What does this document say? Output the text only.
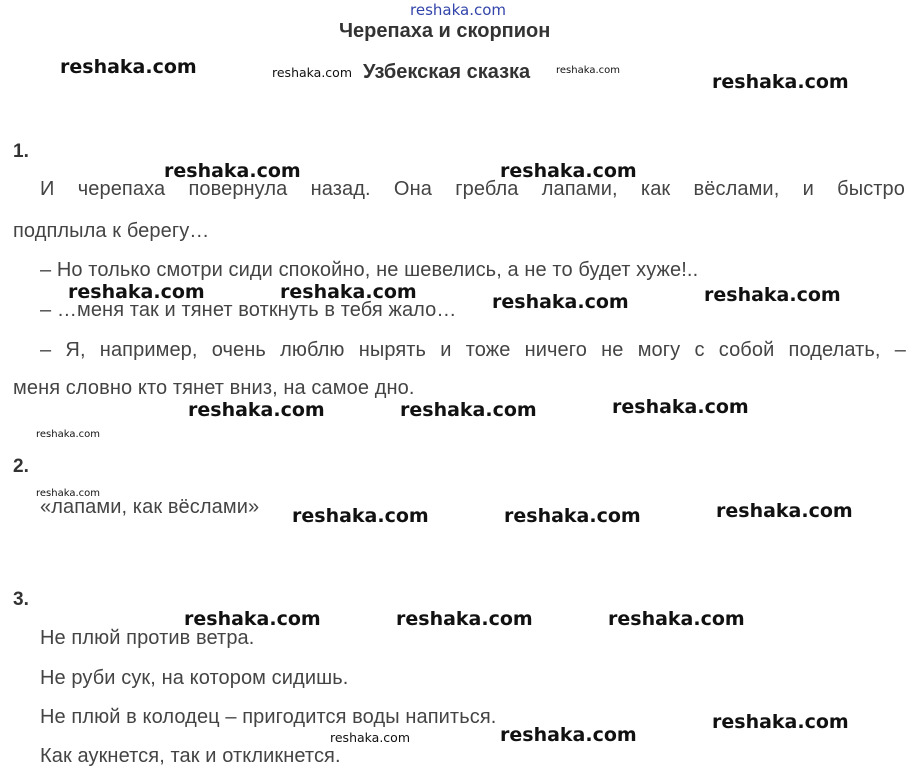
reshaka.com
Черепаха и скорпион
Узбекская сказка
1.
И черепаха повернула назад. Она гребла лапами, как вёслами, и быстро
подплыла к берегу…
– Но только смотри сиди спокойно, не шевелись, а не то будет хуже!..
– …меня так и тянет воткнуть в тебя жало…
– Я, например, очень люблю нырять и тоже ничего не могу с собой поделать, –
меня словно кто тянет вниз, на самое дно.
2.
«лапами, как вёслами»
3.
Не плюй против ветра.
Не руби сук, на котором сидишь.
Не плюй в колодец – пригодится воды напиться.
Как аукнется, так и откликнется.
reshaka.com	reshaka.com	reshaka.com
reshaka.com
reshaka.com	reshaka.com
reshaka.com	reshaka.com	reshaka.com	reshaka.com
reshaka.com	reshaka.com	reshaka.com
reshaka.com
reshaka.com
reshaka.com	reshaka.com	reshaka.com
reshaka.com	reshaka.com	reshaka.com
reshaka.com
reshaka.com
reshaka.com
